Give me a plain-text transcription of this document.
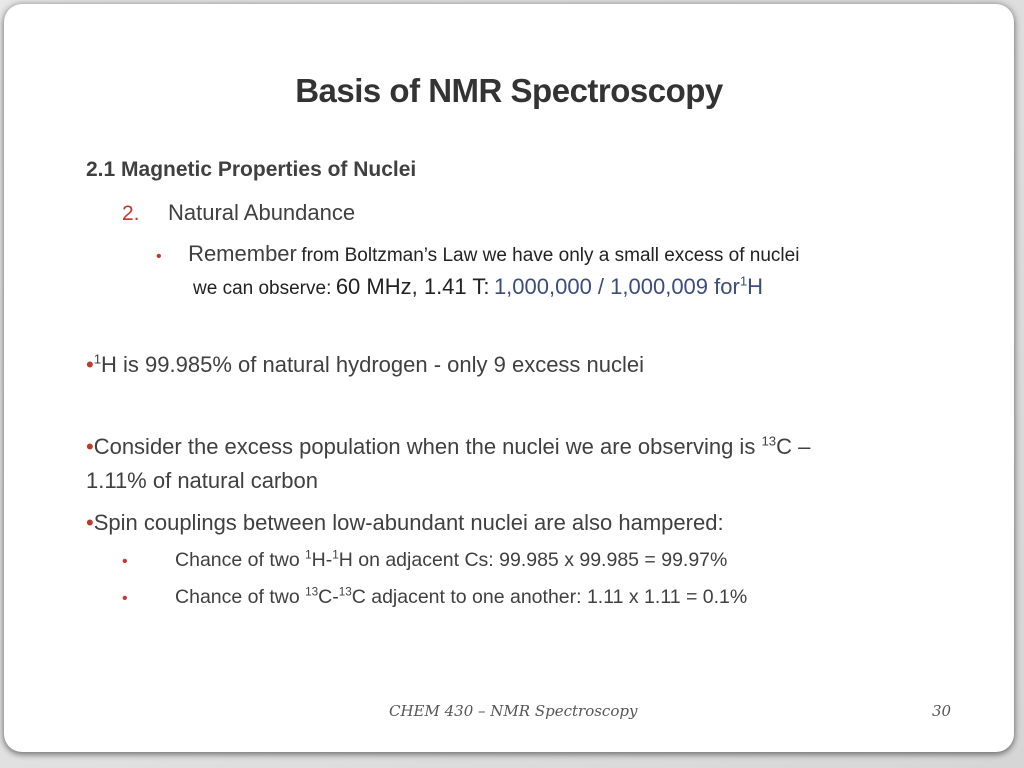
Basis of NMR Spectroscopy
2.1 Magnetic Properties of Nuclei
2. Natural Abundance
• Remember from Boltzman’s Law we have only a small excess of nuclei
we can observe: 60 MHz, 1.41 T: 1,000,000 / 1,000,009 for$^1$H
•$^1$H is 99.985% of natural hydrogen - only 9 excess nuclei
•Consider the excess population when the nuclei we are observing is $^{13}$C –
1.11% of natural carbon
•Spin couplings between low-abundant nuclei are also hampered:
• Chance of two $^1$H-$^1$H on adjacent Cs: 99.985 x 99.985 = 99.97%
• Chance of two $^{13}$C-$^{13}$C adjacent to one another: 1.11 x 1.11 = 0.1%
CHEM 430 – NMR Spectroscopy	30
